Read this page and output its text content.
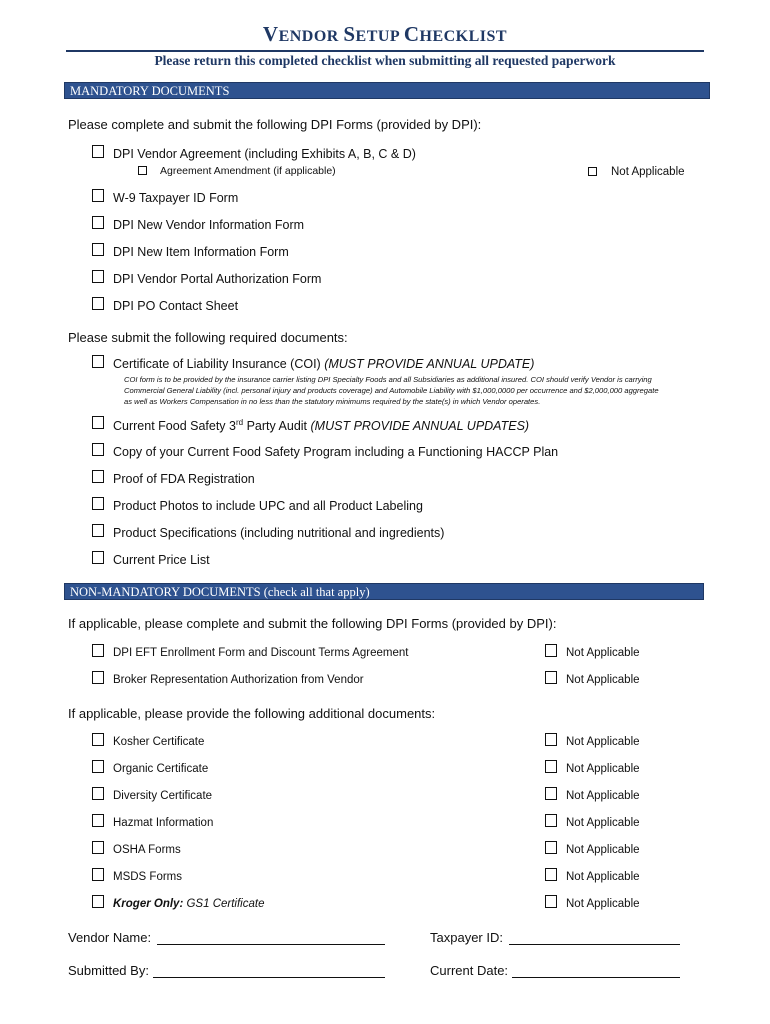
VENDOR SETUP CHECKLIST
Please return this completed checklist when submitting all requested paperwork
MANDATORY DOCUMENTS
Please complete and submit the following DPI Forms (provided by DPI):
DPI Vendor Agreement (including Exhibits A, B, C & D)
Agreement Amendment (if applicable)	Not Applicable
W-9 Taxpayer ID Form
DPI New Vendor Information Form
DPI New Item Information Form
DPI Vendor Portal Authorization Form
DPI PO Contact Sheet
Please submit the following required documents:
Certificate of Liability Insurance (COI) (MUST PROVIDE ANNUAL UPDATE)
COI form is to be provided by the insurance carrier listing DPI Specialty Foods and all Subsidiaries as additional insured. COI should verify Vendor is carrying
Commercial General Liability (incl. personal injury and products coverage) and Automobile Liability with $1,000,0000 per occurrence and $2,000,000 aggregate
as well as Workers Compensation in no less than the statutory minimums required by the state(s) in which Vendor operates.
Current Food Safety 3rd Party Audit (MUST PROVIDE ANNUAL UPDATES)
Copy of your Current Food Safety Program including a Functioning HACCP Plan
Proof of FDA Registration
Product Photos to include UPC and all Product Labeling
Product Specifications (including nutritional and ingredients)
Current Price List
NON-MANDATORY DOCUMENTS (check all that apply)
If applicable, please complete and submit the following DPI Forms (provided by DPI):
DPI EFT Enrollment Form and Discount Terms Agreement	Not Applicable
Broker Representation Authorization from Vendor	Not Applicable
If applicable, please provide the following additional documents:
Kosher Certificate	Not Applicable
Organic Certificate	Not Applicable
Diversity Certificate	Not Applicable
Hazmat Information	Not Applicable
OSHA Forms	Not Applicable
MSDS Forms	Not Applicable
Kroger Only: GS1 Certificate	Not Applicable
Vendor Name:	Taxpayer ID:
Submitted By:	Current Date:
